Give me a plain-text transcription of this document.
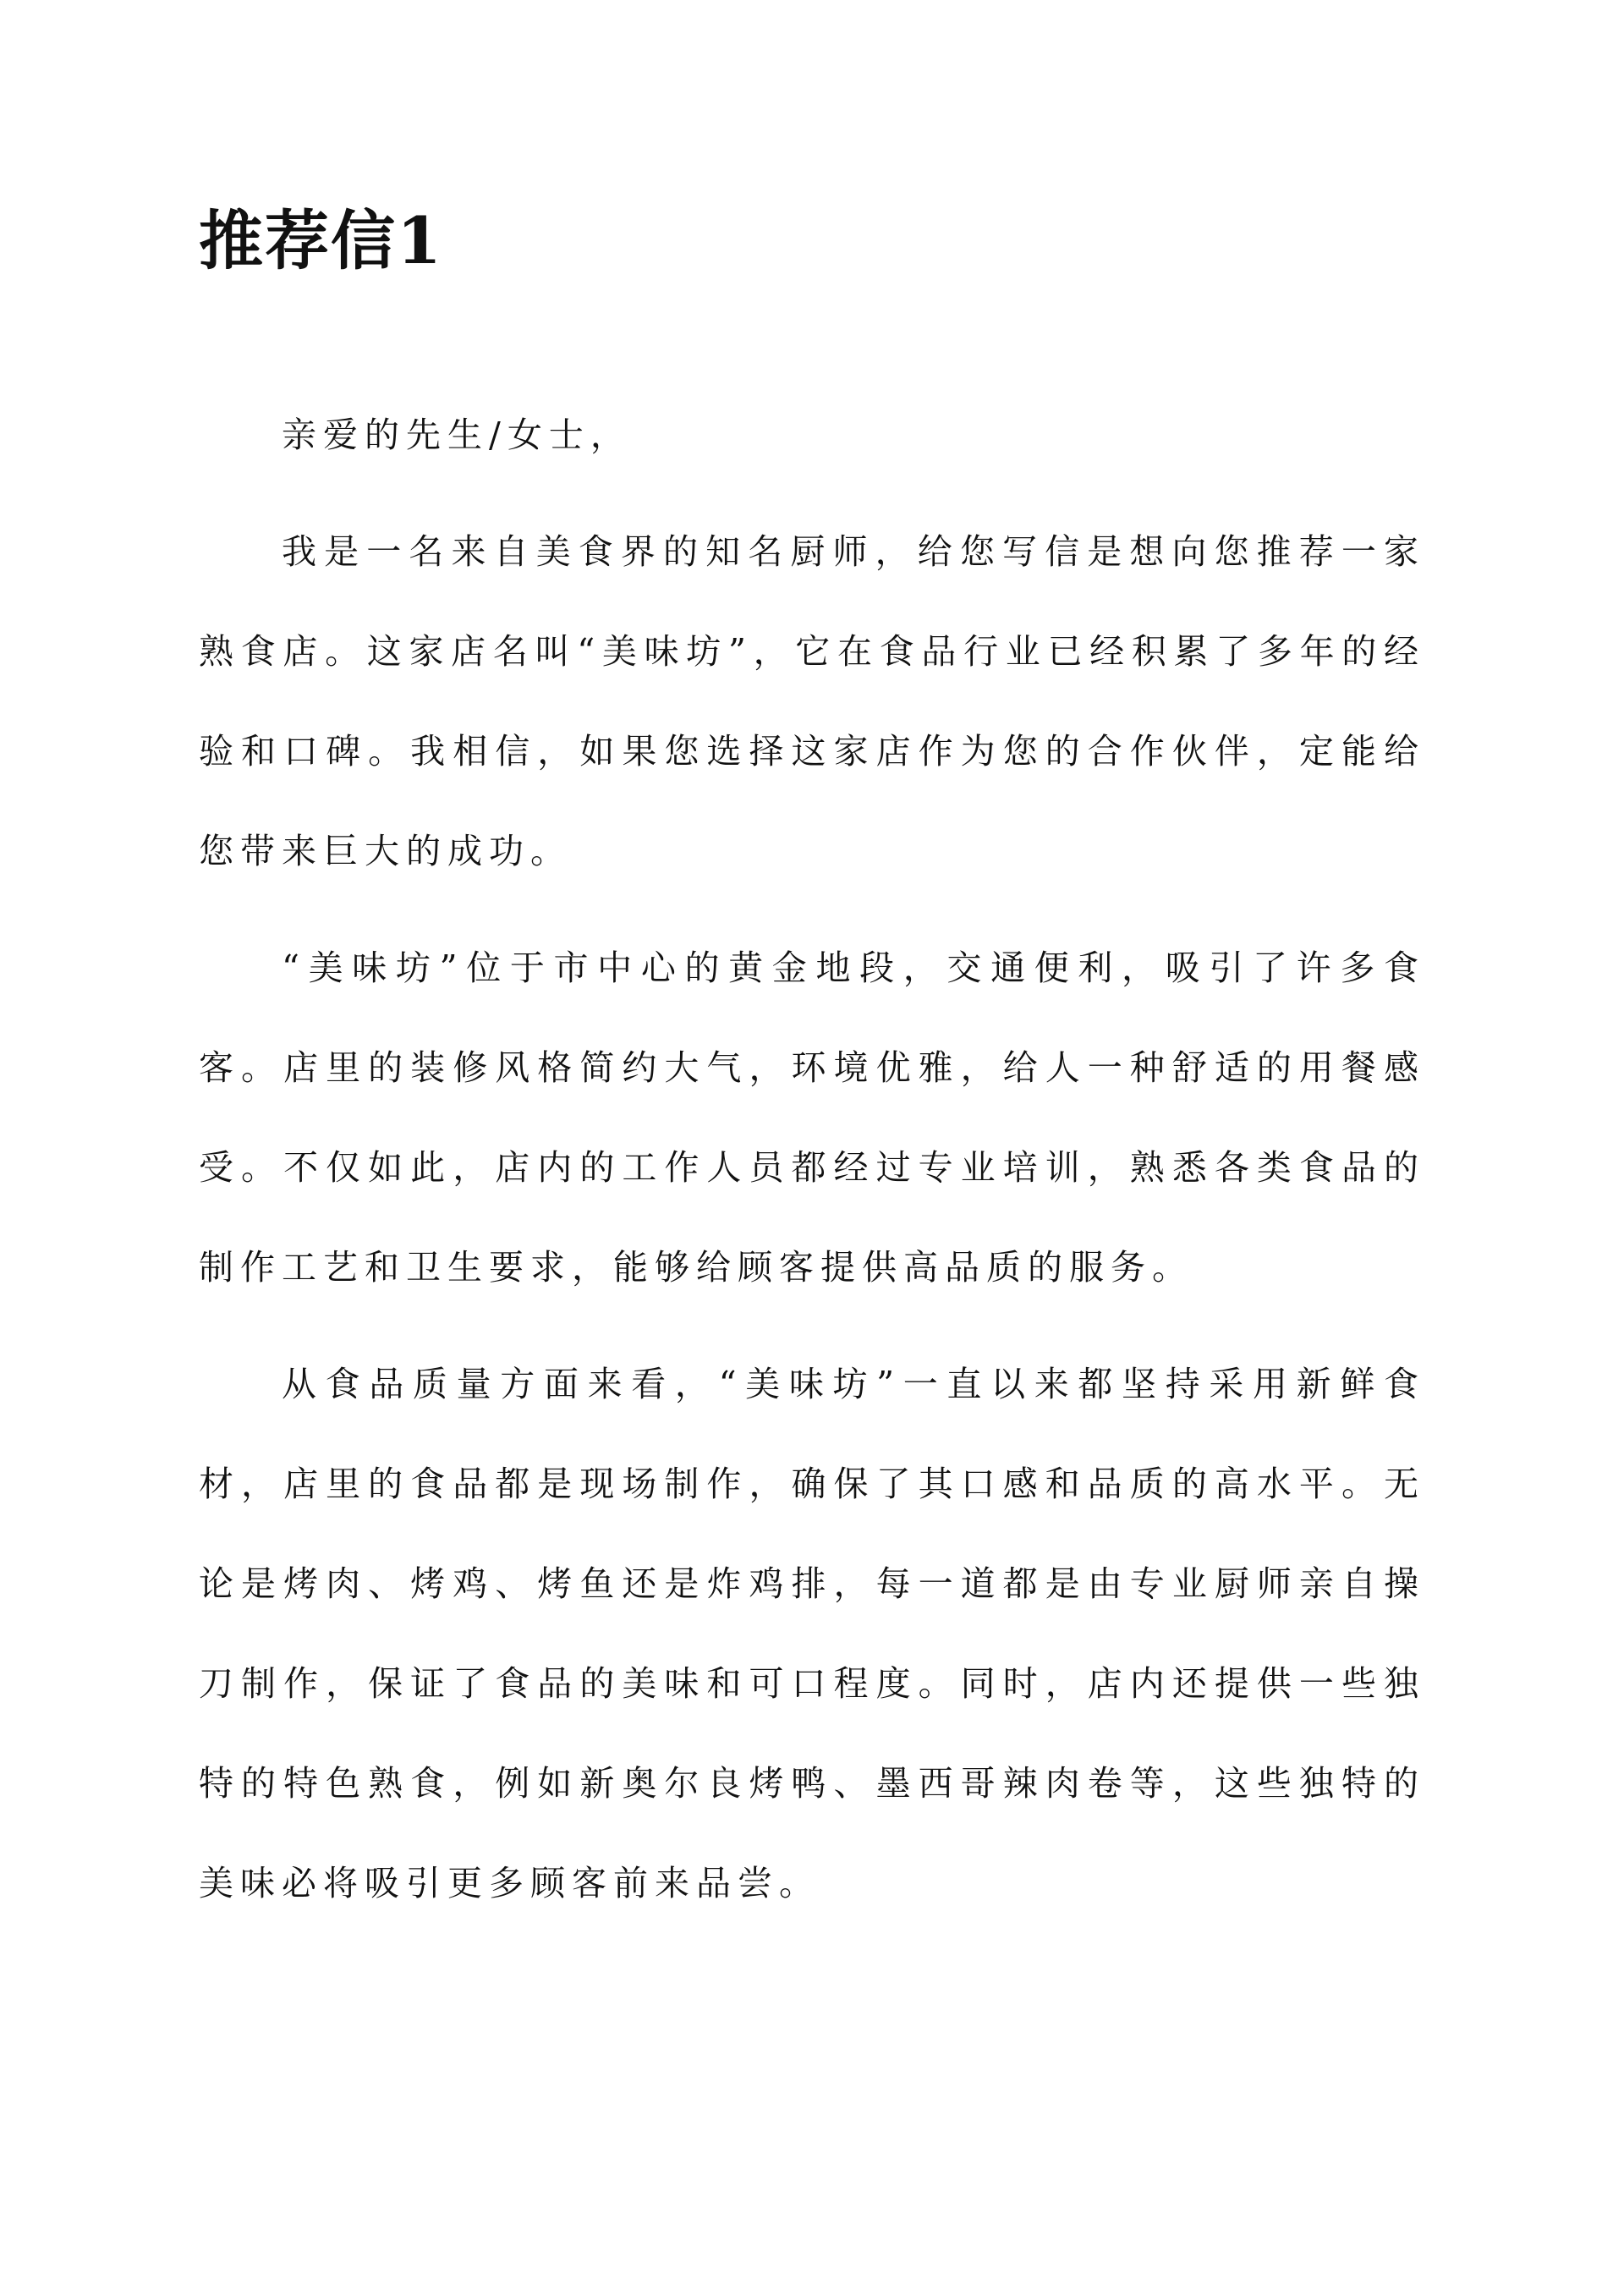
推荐信1

亲爱的先生/女士，

我是一名来自美食界的知名厨师，给您写信是想向您推荐一家熟食店。这家店名叫“美味坊”，它在食品行业已经积累了多年的经验和口碑。我相信，如果您选择这家店作为您的合作伙伴，定能给您带来巨大的成功。

“美味坊”位于市中心的黄金地段，交通便利，吸引了许多食客。店里的装修风格简约大气，环境优雅，给人一种舒适的用餐感受。不仅如此，店内的工作人员都经过专业培训，熟悉各类食品的制作工艺和卫生要求，能够给顾客提供高品质的服务。

从食品质量方面来看，“美味坊”一直以来都坚持采用新鲜食材，店里的食品都是现场制作，确保了其口感和品质的高水平。无论是烤肉、烤鸡、烤鱼还是炸鸡排，每一道都是由专业厨师亲自操刀制作，保证了食品的美味和可口程度。同时，店内还提供一些独特的特色熟食，例如新奥尔良烤鸭、墨西哥辣肉卷等，这些独特的美味必将吸引更多顾客前来品尝。
